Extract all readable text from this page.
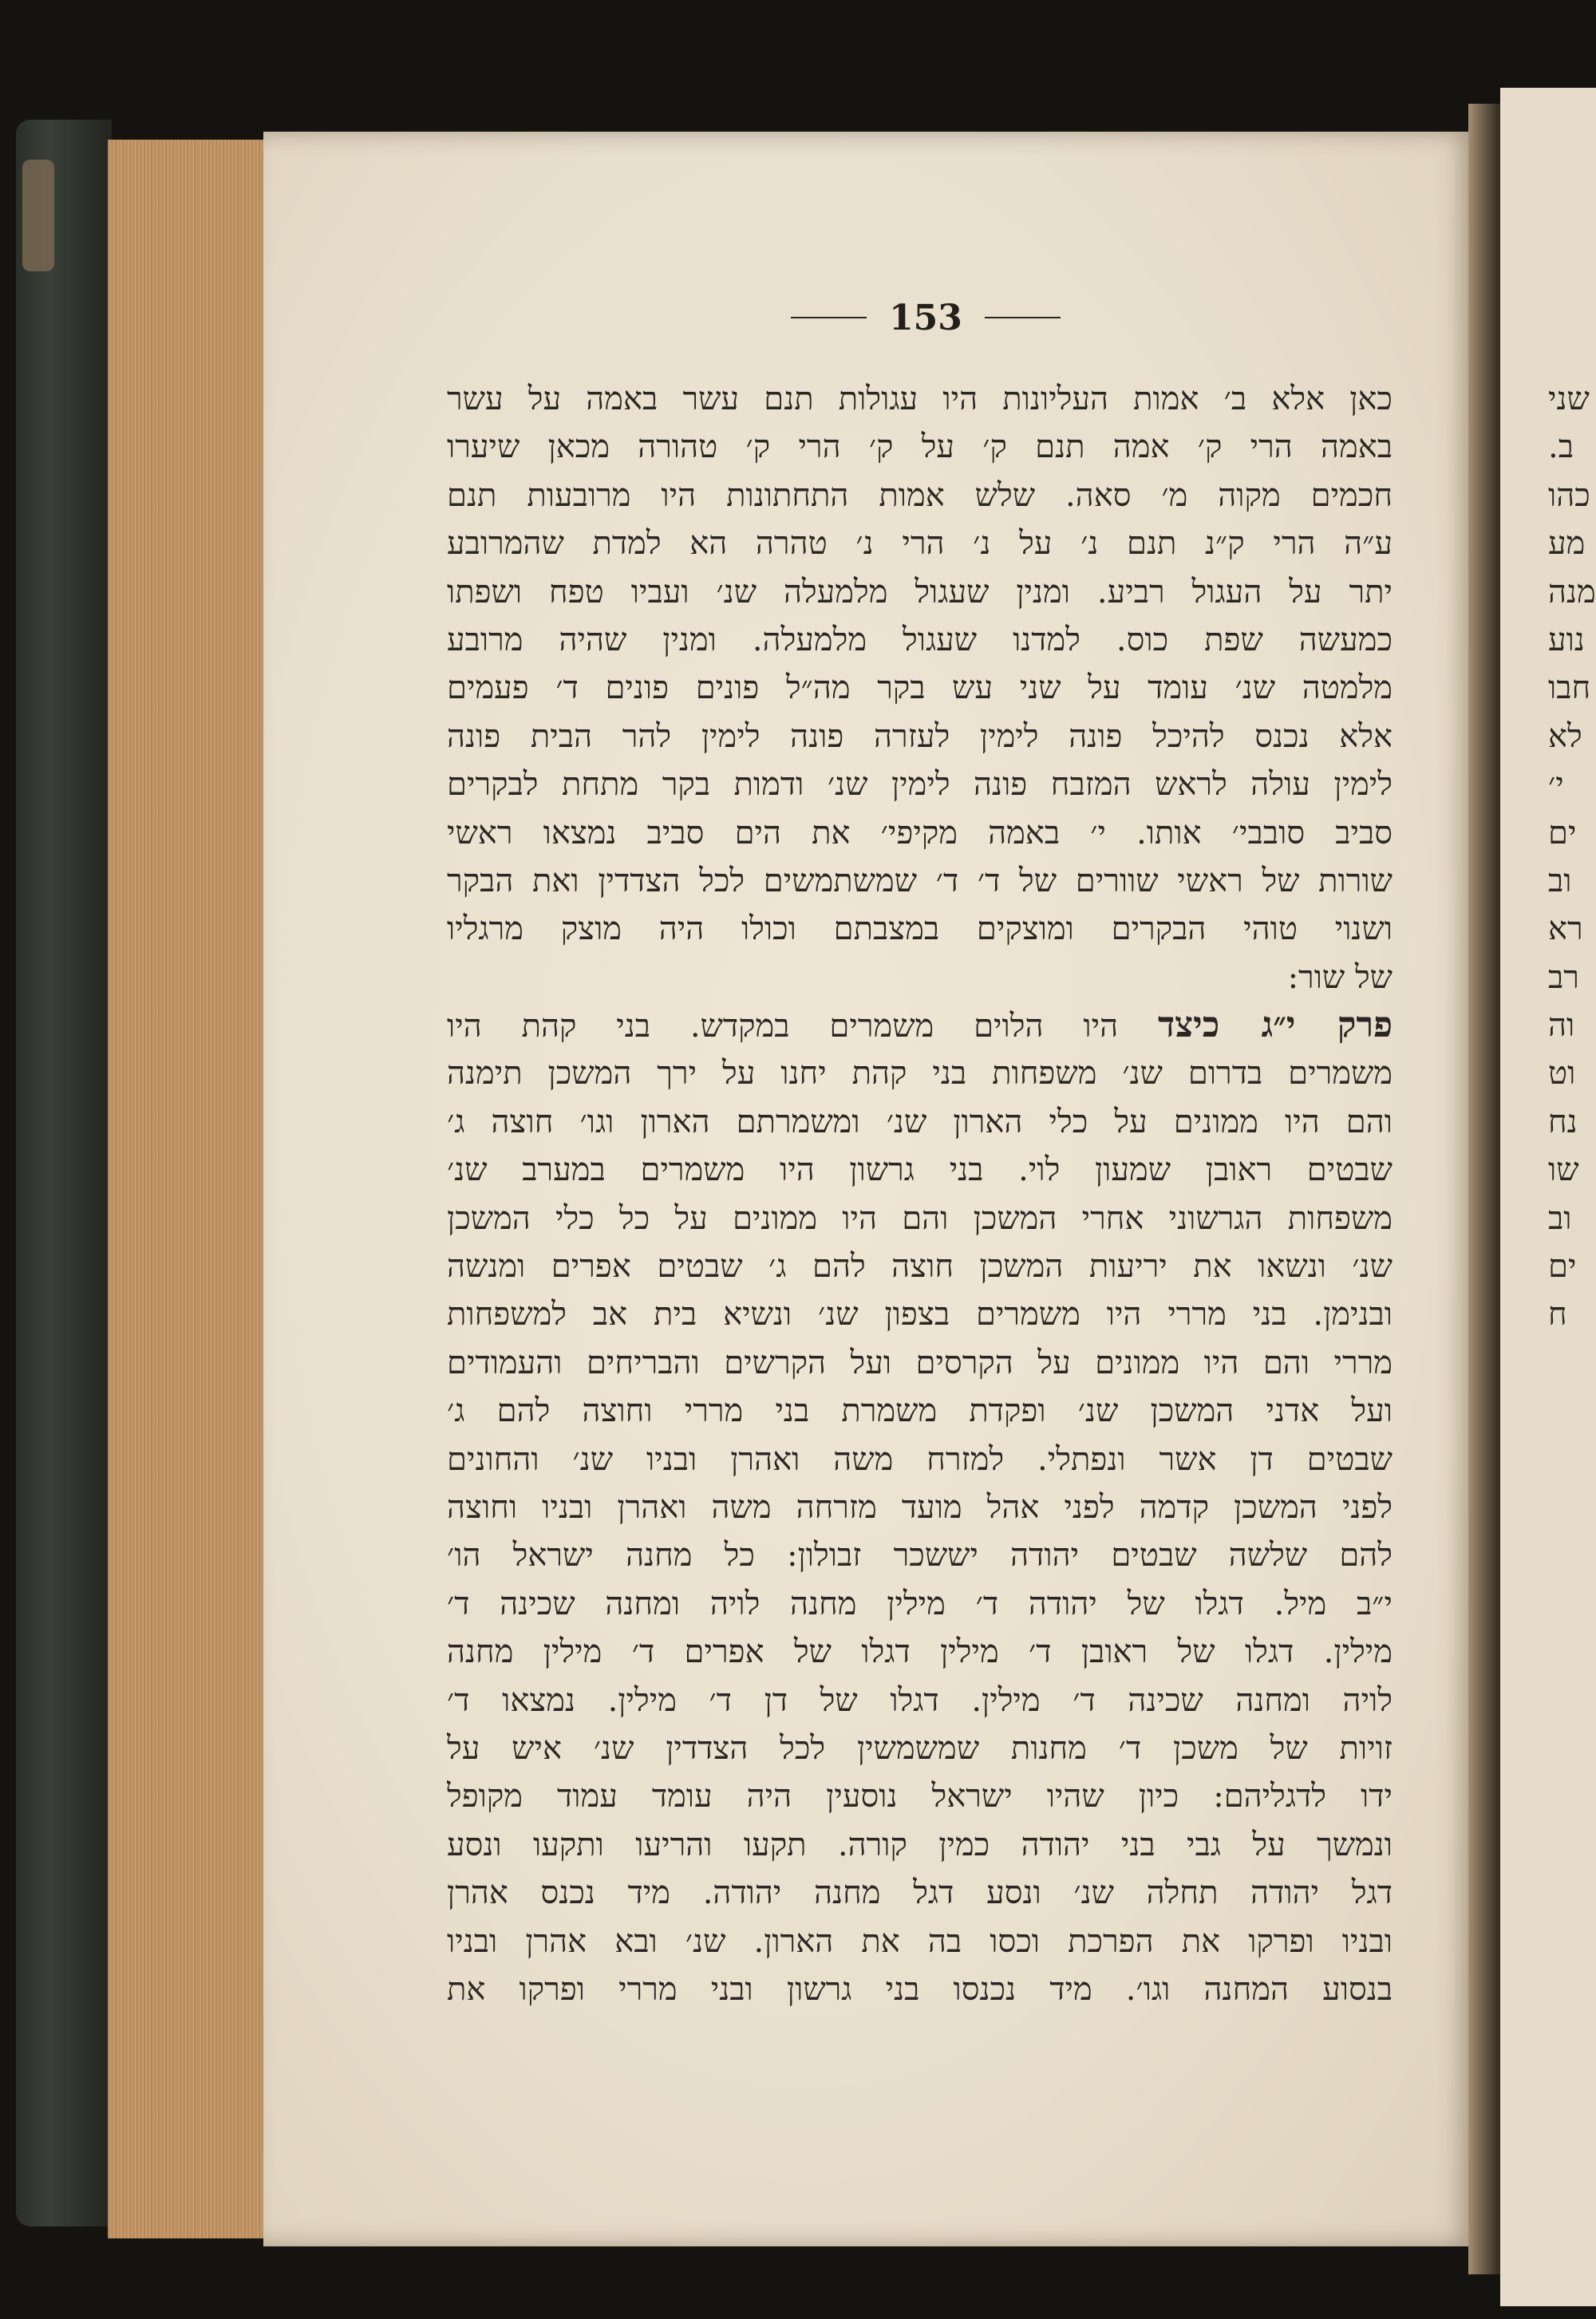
153
כאן אלא ב׳ אמות העליונות היו עגולות תנם עשר באמה על עשר
באמה הרי ק׳ אמה תנם ק׳ על ק׳ הרי ק׳ טהורה מכאן שיערו
חכמים מקוה מ׳ סאה. שלש אמות התחתונות היו מרובעות תנם
ע״ה הרי ק״נ תנם נ׳ על נ׳ הרי נ׳ טהרה הא למדת שהמרובע
יתר על העגול רביע. ומנין שעגול מלמעלה שנ׳ ועביו טפח ושפתו
כמעשה שפת כוס. למדנו שעגול מלמעלה. ומנין שהיה מרובע
מלמטה שנ׳ עומד על שני עש בקר מה״ל פונים פונים ד׳ פעמים
אלא נכנס להיכל פונה לימין לעזרה פונה לימין להר הבית פונה
לימין עולה לראש המזבח פונה לימין שנ׳ ודמות בקר מתחת לבקרים
סביב סובבי׳ אותו. י׳ באמה מקיפי׳ את הים סביב נמצאו ראשי
שורות של ראשי שוורים של ד׳ ד׳ שמשתמשים לכל הצדדין ואת הבקר
ושנוי טוהי הבקרים ומוצקים במצבתם וכולו היה מוצק מרגליו
של שור:
פרק י״ג כיצד היו הלוים משמרים במקדש. בני קהת היו
משמרים בדרום שנ׳ משפחות בני קהת יחנו על ירך המשכן תימנה
והם היו ממונים על כלי הארון שנ׳ ומשמרתם הארון וגו׳ חוצה ג׳
שבטים ראובן שמעון לוי. בני גרשון היו משמרים במערב שנ׳
משפחות הגרשוני אחרי המשכן והם היו ממונים על כל כלי המשכן
שנ׳ ונשאו את יריעות המשכן חוצה להם ג׳ שבטים אפרים ומנשה
ובנימן. בני מררי היו משמרים בצפון שנ׳ ונשיא בית אב למשפחות
מררי והם היו ממונים על הקרסים ועל הקרשים והבריחים והעמודים
ועל אדני המשכן שנ׳ ופקדת משמרת בני מררי וחוצה להם ג׳
שבטים דן אשר ונפתלי. למזרח משה ואהרן ובניו שנ׳ והחונים
לפני המשכן קדמה לפני אהל מועד מזרחה משה ואהרן ובניו וחוצה
להם שלשה שבטים יהודה יששכר זבולון: כל מחנה ישראל הו׳
י״ב מיל. דגלו של יהודה ד׳ מילין מחנה לויה ומחנה שכינה ד׳
מילין. דגלו של ראובן ד׳ מילין דגלו של אפרים ד׳ מילין מחנה
לויה ומחנה שכינה ד׳ מילין. דגלו של דן ד׳ מילין. נמצאו ד׳
זויות של משכן ד׳ מחנות שמשמשין לכל הצדדין שנ׳ איש על
ידו לדגליהם: כיון שהיו ישראל נוסעין היה עומד עמוד מקופל
ונמשך על גבי בני יהודה כמין קורה. תקעו והריעו ותקעו ונסע
דגל יהודה תחלה שנ׳ ונסע דגל מחנה יהודה. מיד נכנס אהרן
ובניו ופרקו את הפרכת וכסו בה את הארון. שנ׳ ובא אהרן ובניו
בנסוע המחנה וגו׳. מיד נכנסו בני גרשון ובני מררי ופרקו את
שני
ב.
כהו
מע
מנה
נוע
חבו
לא
י׳
ים
וב
רא
רב
וה
וט
נח
שו
וב
ים
ח
